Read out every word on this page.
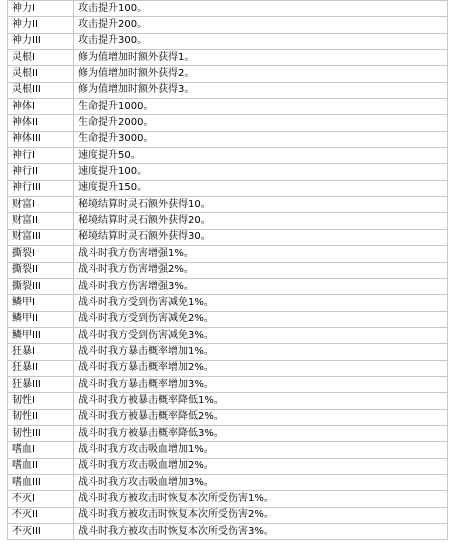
神力I	攻击提升100。
神力II	攻击提升200。
神力III	攻击提升300。
灵根I	修为值增加时额外获得1。
灵根II	修为值增加时额外获得2。
灵根III	修为值增加时额外获得3。
神体I	生命提升1000。
神体II	生命提升2000。
神体III	生命提升3000。
神行I	速度提升50。
神行II	速度提升100。
神行III	速度提升150。
财富I	秘境结算时灵石额外获得10。
财富II	秘境结算时灵石额外获得20。
财富III	秘境结算时灵石额外获得30。
撕裂I	战斗时我方伤害增强1%。
撕裂II	战斗时我方伤害增强2%。
撕裂III	战斗时我方伤害增强3%。
鳞甲I	战斗时我方受到伤害减免1%。
鳞甲II	战斗时我方受到伤害减免2%。
鳞甲III	战斗时我方受到伤害减免3%。
狂暴I	战斗时我方暴击概率增加1%。
狂暴II	战斗时我方暴击概率增加2%。
狂暴III	战斗时我方暴击概率增加3%。
韧性I	战斗时我方被暴击概率降低1%。
韧性II	战斗时我方被暴击概率降低2%。
韧性III	战斗时我方被暴击概率降低3%。
嗜血I	战斗时我方攻击吸血增加1%。
嗜血II	战斗时我方攻击吸血增加2%。
嗜血III	战斗时我方攻击吸血增加3%。
不灭I	战斗时我方被攻击时恢复本次所受伤害1%。
不灭II	战斗时我方被攻击时恢复本次所受伤害2%。
不灭III	战斗时我方被攻击时恢复本次所受伤害3%。
